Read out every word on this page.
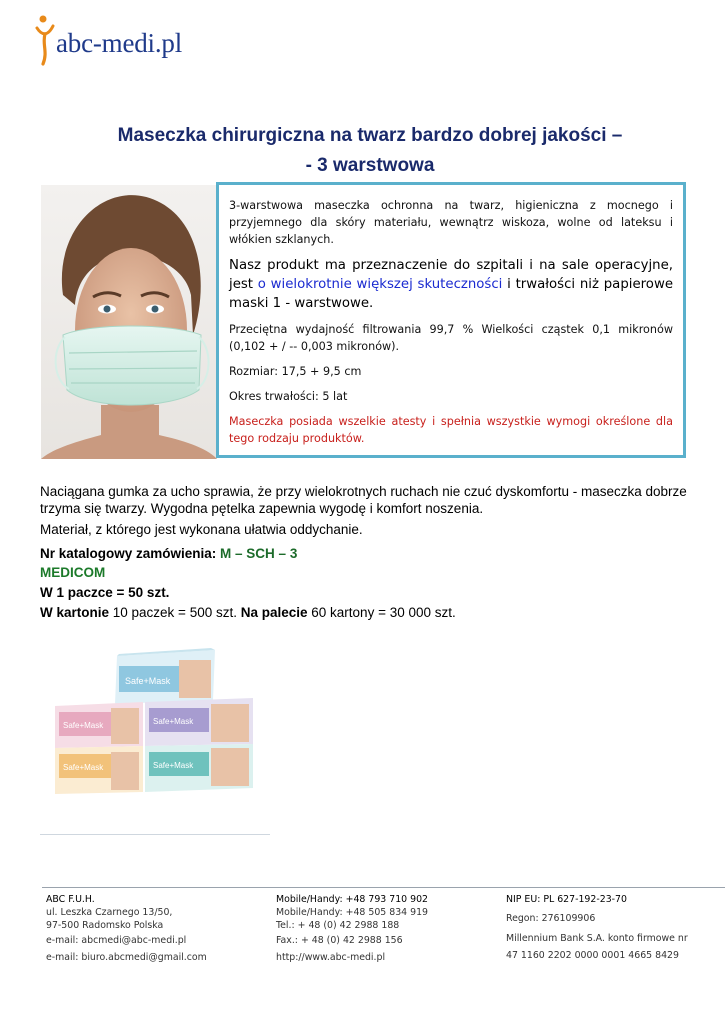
abc-medi.pl
Maseczka chirurgiczna na twarz bardzo dobrej jakości –
- 3 warstwowa

3-warstwowa maseczka ochronna na twarz, higieniczna z mocnego i przyjemnego dla skóry materiału, wewnątrz wiskoza, wolne od lateksu i włókien szklanych.

Nasz produkt ma przeznaczenie do szpitali i na sale operacyjne, jest o wielokrotnie większej skuteczności i trwałości niż papierowe maski 1 - warstwowe.

Przeciętna wydajność filtrowania 99,7 % Wielkości cząstek 0,1 mikronów (0,102 + / -- 0,003 mikronów).

Rozmiar: 17,5 + 9,5 cm

Okres trwałości: 5 lat

Maseczka posiada wszelkie atesty i spełnia wszystkie wymogi określone dla tego rodzaju produktów.

Naciągana gumka za ucho sprawia, że przy wielokrotnych ruchach nie czuć dyskomfortu - maseczka dobrze trzyma się twarzy. Wygodna pętelka zapewnia wygodę i komfort noszenia.
Materiał, z którego jest wykonana ułatwia oddychanie.
Nr katalogowy zamówienia: M – SCH – 3
MEDICOM
W 1 paczce = 50 szt.
W kartonie 10 paczek = 500 szt. Na palecie 60 kartony = 30 000 szt.
Safe+Mask
Safe+Mask	Safe+Mask
Safe+Mask	Safe+Mask
ABC F.U.H.
ul. Leszka Czarnego 13/50,
97-500 Radomsko Polska
e-mail: abcmedi@abc-medi.pl
e-mail: biuro.abcmedi@gmail.com
Mobile/Handy: +48 793 710 902
Mobile/Handy: +48 505 834 919
Tel.: + 48 (0) 42 2988 188
Fax.: + 48 (0) 42 2988 156
http://www.abc-medi.pl
NIP EU: PL 627-192-23-70
Regon: 276109906
Millennium Bank S.A. konto firmowe nr
47 1160 2202 0000 0001 4665 8429
